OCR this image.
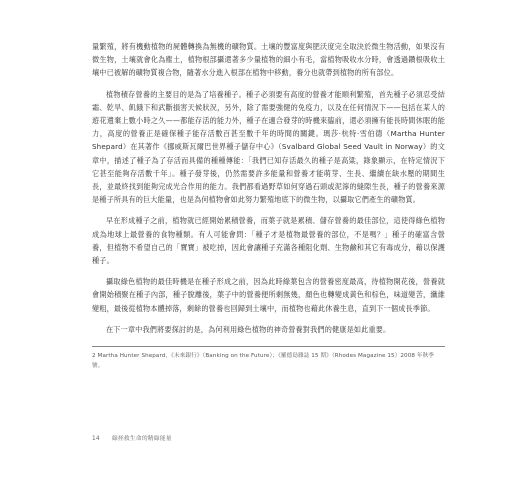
量繁殖，將有機動植物的屍體轉換為無機的礦物質。土壤的豐富度與肥沃度完全取決於微生物活動，如果沒有微生物，土壤就會化為塵土，植物根部攝還著多少量植物的細小有毛，當植物吸收水分時，會透過鑽根吸收土壤中已被解的礦物質複合物，隨著水分進入根部在植物中移動，養分也就帶到植物的所有部位。

植物積存營養的主要目的是為了培養種子。種子必須要有高度的營養才能順利繁殖，首先種子必須忍受結霜、乾旱、飢餓下和武斷損害天候狀況，另外，除了需要強健的免疫力，以及在任何情況下——包括在某人的遊花遺棄上數小時之久——都能存活的能力外，種子在適合發芽的時機來臨前，還必須擁有能長時間休眠的能力，高度的營養正是確保種子能存活數百甚至數千年的時間的關鍵。瑪莎‧杭特‧雪伯德（Martha Hunter Shepard）在其著作《挪威斯瓦爾巴世界種子儲存中心》（Svalbard Global Seed Vault in Norway）的文章中，描述了種子為了存活而具備的種種傳能：「我們已知存活最久的種子是高粱，錄象顯示，在特定情況下它甚至能夠存活數千年」。種子發芽後，仍然需要許多能量和營養才能萌芽、生長、繼續在缺水壓的期間生長，並最終找到能夠完成光合作用的能力。我們都看過野草如何穿過石頭或泥濘的縫隙生長，種子的營養來源是種子所具有的巨大能量，也是為何植物會如此努力繁殖地底下的微生物，以攝取它們產生的礦物質。

早在形成種子之前，植物就已經開始累積營養，而葉子就是累積、儲存營養的最佳部位，這使得綠色植物成為地球上最營養的食物種類。有人可能會問：「種子才是植物最營養的部位，不是嗎？」種子的確富含營養，但植物不希望自己的「寶寶」被吃掉，因此會讓種子充滿各種阻化劑、生物鹼和其它有毒成分，藉以保護種子。

攝取綠色植物的最佳時機是在種子形成之前，因為此時綠葉包含的營養密度最高，待植物開花後，營養就會開始積聚在種子內部，種子脫離後，葉子中的營養便所剩無幾，顏色也轉變成黃色和棕色，味道變苦，纖維變粗，最後從植物本體掉落，剩餘的營養也回歸到土壤中，而植物也藉此休養生息，直到下一個成長季節。

在下一章中我們將要探討的是，為何利用綠色植物的神奇營養對我們的健康是如此重要。

2 Martha Hunter Shepard，《未來銀行》（Banking on the Future）；《羅德島雜誌 15 期》（Rhodes Magazine 15）2008 年秋季號。

14 綠拯救生命的精綠能量
